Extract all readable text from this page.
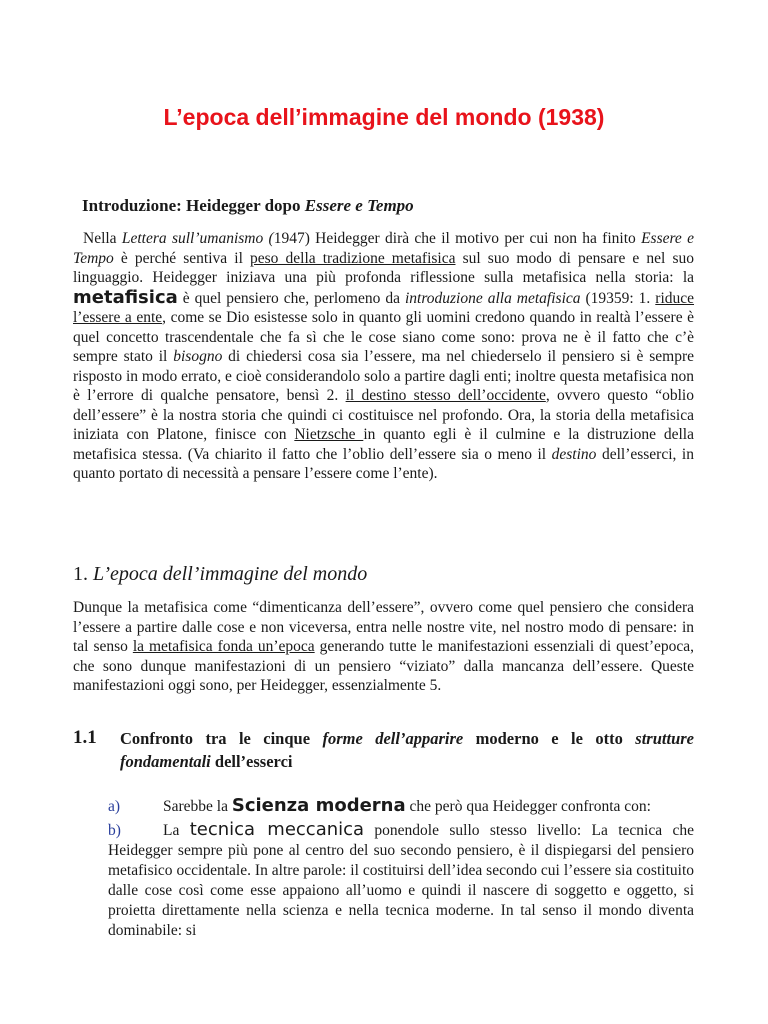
L’epoca dell’immagine del mondo (1938)
Introduzione: Heidegger dopo Essere e Tempo

Nella Lettera sull’umanismo (1947) Heidegger dirà che il motivo per cui non ha finito Essere e Tempo è perché sentiva il peso della tradizione metafisica sul suo modo di pensare e nel suo linguaggio. Heidegger iniziava una più profonda riflessione sulla metafisica nella storia: la metafisica è quel pensiero che, perlomeno da introduzione alla metafisica (19359: 1. riduce l’essere a ente, come se Dio esistesse solo in quanto gli uomini credono quando in realtà l’essere è quel concetto trascendentale che fa sì che le cose siano come sono: prova ne è il fatto che c’è sempre stato il bisogno di chiedersi cosa sia l’essere, ma nel chiederselo il pensiero si è sempre risposto in modo errato, e cioè considerandolo solo a partire dagli enti; inoltre questa metafisica non è l’errore di qualche pensatore, bensì 2. il destino stesso dell’occidente, ovvero questo “oblio dell’essere” è la nostra storia che quindi ci costituisce nel profondo. Ora, la storia della metafisica iniziata con Platone, finisce con Nietzsche in quanto egli è il culmine e la distruzione della metafisica stessa. (Va chiarito il fatto che l’oblio dell’essere sia o meno il destino dell’esserci, in quanto portato di necessità a pensare l’essere come l’ente).

1. L’epoca dell’immagine del mondo

Dunque la metafisica come “dimenticanza dell’essere”, ovvero come quel pensiero che considera l’essere a partire dalle cose e non viceversa, entra nelle nostre vite, nel nostro modo di pensare: in tal senso la metafisica fonda un’epoca generando tutte le manifestazioni essenziali di quest’epoca, che sono dunque manifestazioni di un pensiero “viziato” dalla mancanza dell’essere. Queste manifestazioni oggi sono, per Heidegger, essenzialmente 5.

1.1 Confronto tra le cinque forme dell’apparire moderno e le otto strutture fondamentali dell’esserci

a)	Sarebbe la Scienza moderna che però qua Heidegger confronta con:

b)	La tecnica meccanica ponendole sullo stesso livello: La tecnica che Heidegger sempre più pone al centro del suo secondo pensiero, è il dispiegarsi del pensiero metafisico occidentale. In altre parole: il costituirsi dell’idea secondo cui l’essere sia costituito dalle cose così come esse appaiono all’uomo e quindi il nascere di soggetto e oggetto, si proietta direttamente nella scienza e nella tecnica moderne. In tal senso il mondo diventa dominabile: si
